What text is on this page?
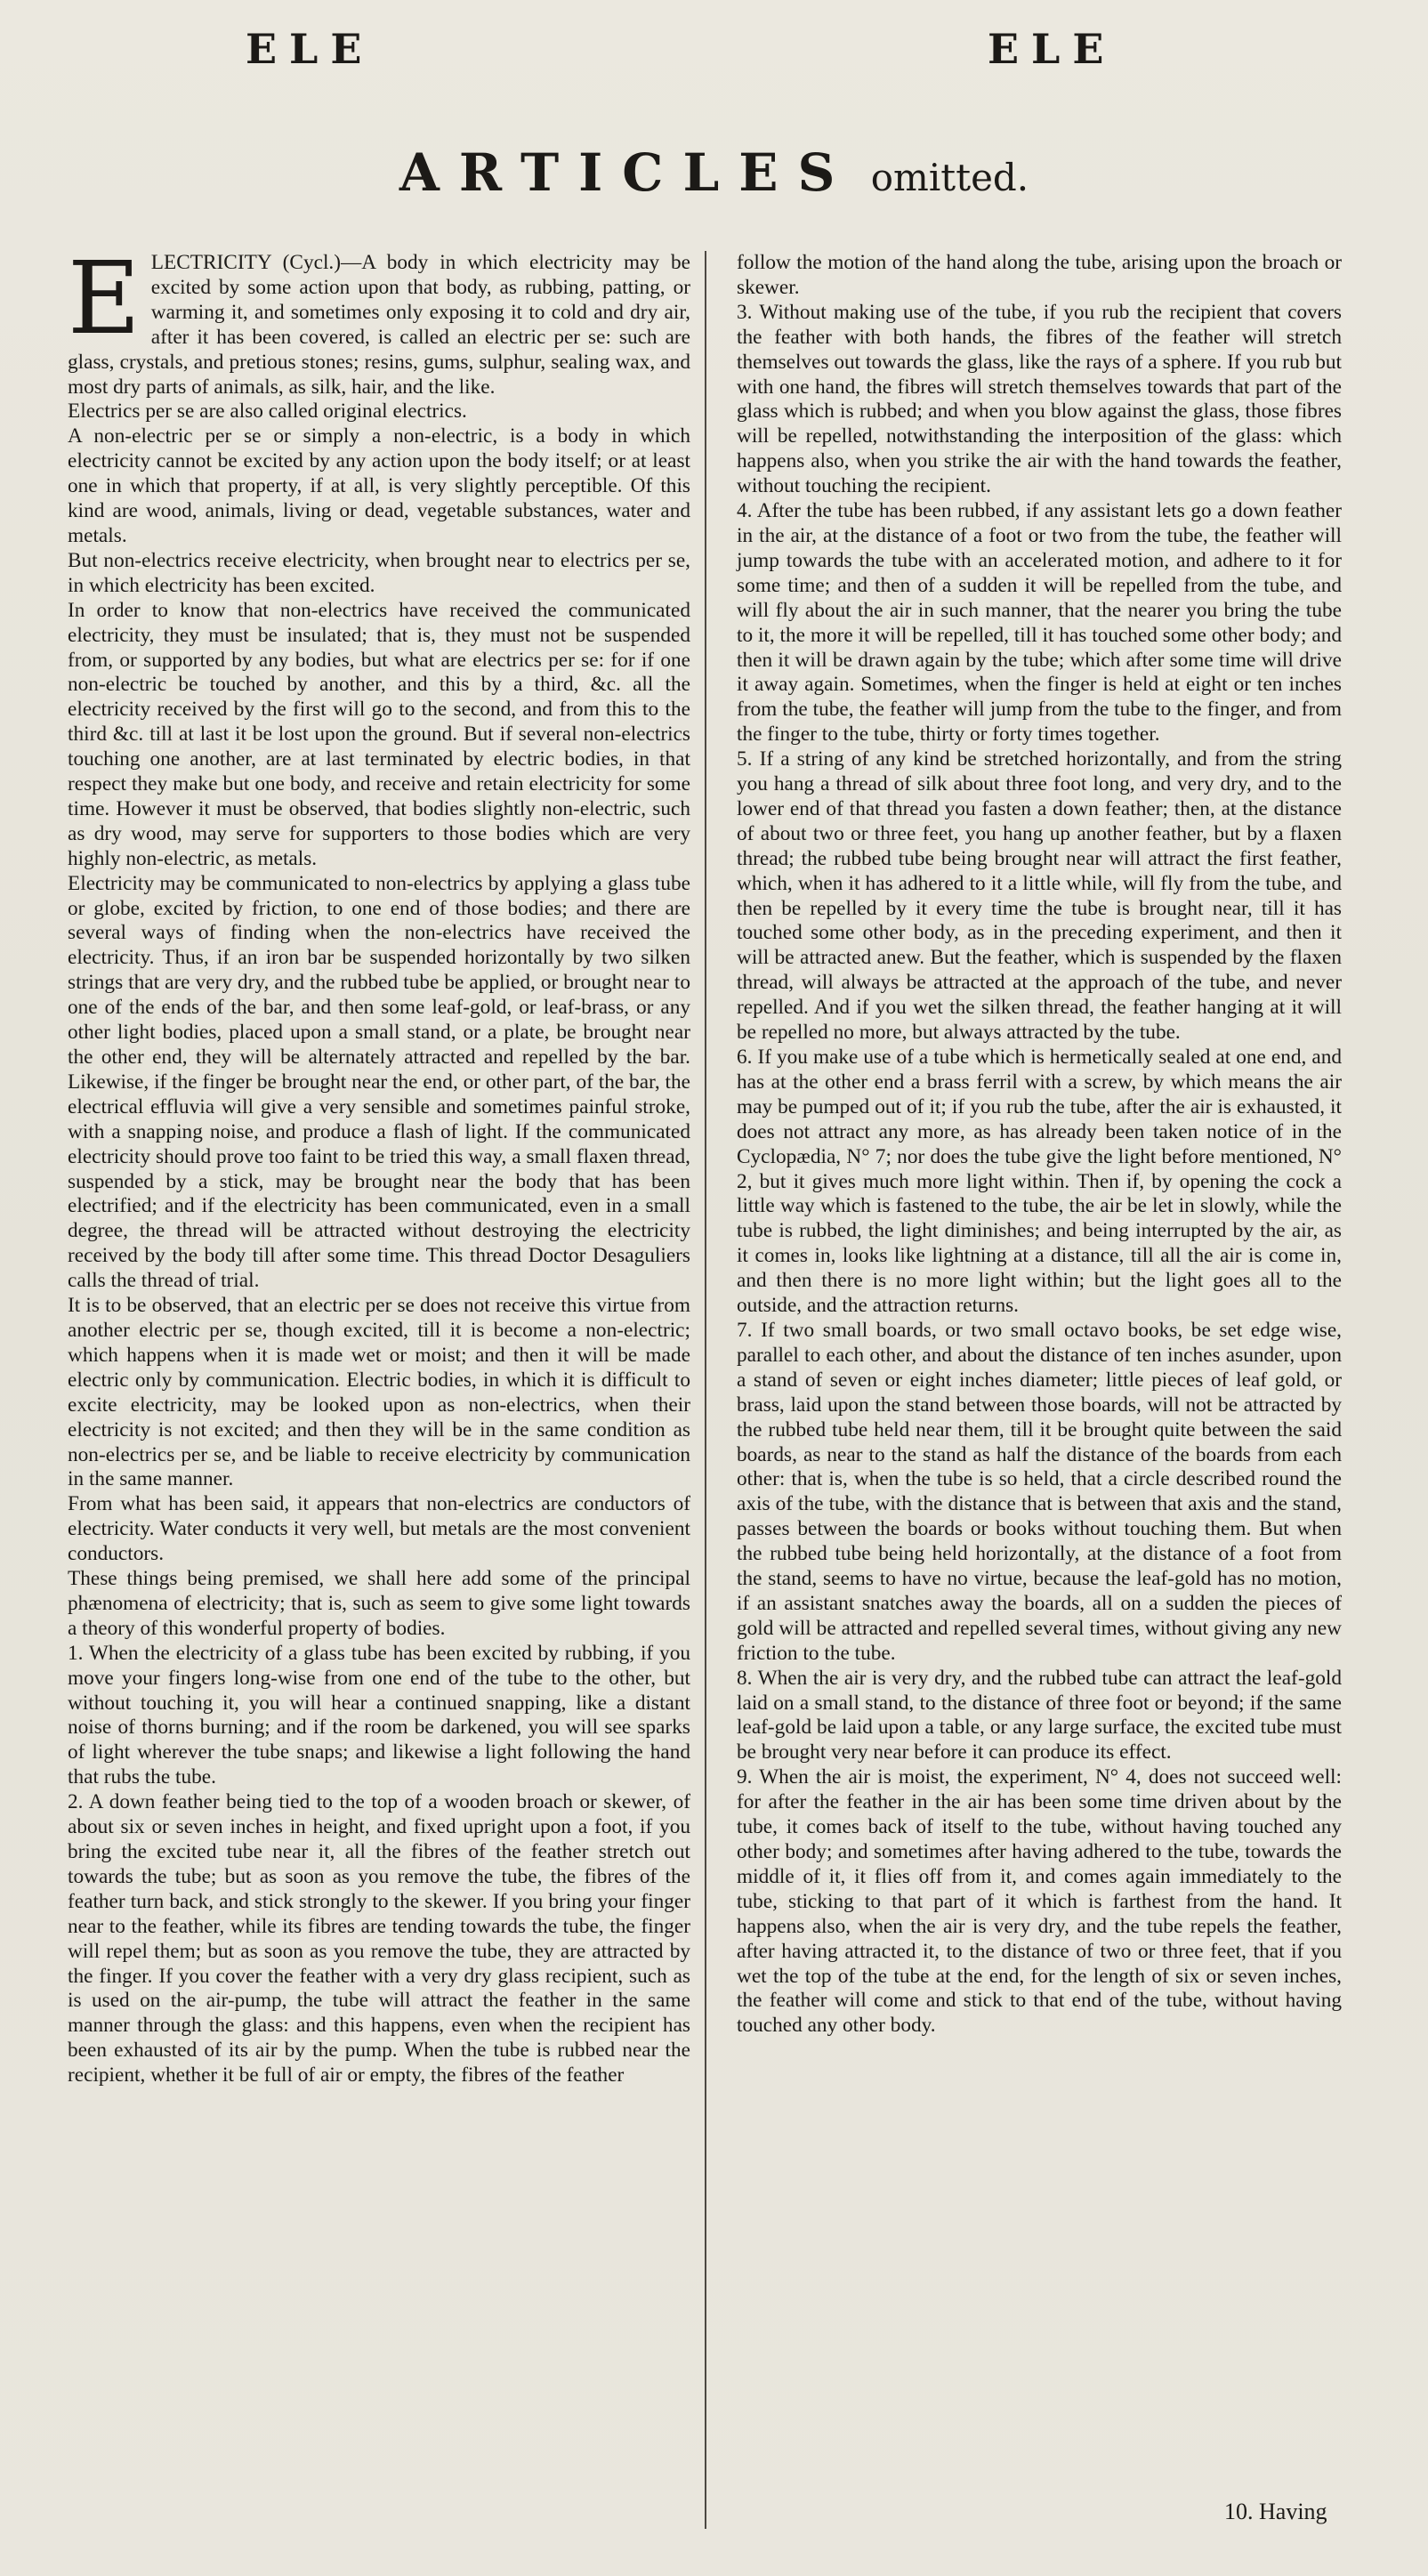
ELE	ELE
ARTICLES omitted.
E LECTRICITY (Cycl.)—A body in which electricity may be excited by some action upon that body, as rubbing, patting, or warming it, and sometimes only exposing it to cold and dry air, after it has been covered, is called an electric per se: such are glass, crystals, and pretious stones; resins, gums, sulphur, sealing wax, and most dry parts of animals, as silk, hair, and the like.

Electrics per se are also called original electrics.

A non-electric per se or simply a non-electric, is a body in which electricity cannot be excited by any action upon the body itself; or at least one in which that property, if at all, is very slightly perceptible. Of this kind are wood, animals, living or dead, vegetable substances, water and metals.

But non-electrics receive electricity, when brought near to electrics per se, in which electricity has been excited.

In order to know that non-electrics have received the communicated electricity, they must be insulated; that is, they must not be suspended from, or supported by any bodies, but what are electrics per se: for if one non-electric be touched by another, and this by a third, &c. all the electricity received by the first will go to the second, and from this to the third &c. till at last it be lost upon the ground. But if several non-electrics touching one another, are at last terminated by electric bodies, in that respect they make but one body, and receive and retain electricity for some time. However it must be observed, that bodies slightly non-electric, such as dry wood, may serve for supporters to those bodies which are very highly non-electric, as metals.

Electricity may be communicated to non-electrics by applying a glass tube or globe, excited by friction, to one end of those bodies; and there are several ways of finding when the non-electrics have received the electricity. Thus, if an iron bar be suspended horizontally by two silken strings that are very dry, and the rubbed tube be applied, or brought near to one of the ends of the bar, and then some leaf-gold, or leaf-brass, or any other light bodies, placed upon a small stand, or a plate, be brought near the other end, they will be alternately attracted and repelled by the bar. Likewise, if the finger be brought near the end, or other part, of the bar, the electrical effluvia will give a very sensible and sometimes painful stroke, with a snapping noise, and produce a flash of light. If the communicated electricity should prove too faint to be tried this way, a small flaxen thread, suspended by a stick, may be brought near the body that has been electrified; and if the electricity has been communicated, even in a small degree, the thread will be attracted without destroying the electricity received by the body till after some time. This thread Doctor Desaguliers calls the thread of trial.

It is to be observed, that an electric per se does not receive this virtue from another electric per se, though excited, till it is become a non-electric; which happens when it is made wet or moist; and then it will be made electric only by communication. Electric bodies, in which it is difficult to excite electricity, may be looked upon as non-electrics, when their electricity is not excited; and then they will be in the same condition as non-electrics per se, and be liable to receive electricity by communication in the same manner.

From what has been said, it appears that non-electrics are conductors of electricity. Water conducts it very well, but metals are the most convenient conductors.

These things being premised, we shall here add some of the principal phænomena of electricity; that is, such as seem to give some light towards a theory of this wonderful property of bodies.

1. When the electricity of a glass tube has been excited by rubbing, if you move your fingers long-wise from one end of the tube to the other, but without touching it, you will hear a continued snapping, like a distant noise of thorns burning; and if the room be darkened, you will see sparks of light wherever the tube snaps; and likewise a light following the hand that rubs the tube.

2. A down feather being tied to the top of a wooden broach or skewer, of about six or seven inches in height, and fixed upright upon a foot, if you bring the excited tube near it, all the fibres of the feather stretch out towards the tube; but as soon as you remove the tube, the fibres of the feather turn back, and stick strongly to the skewer. If you bring your finger near to the feather, while its fibres are tending towards the tube, the finger will repel them; but as soon as you remove the tube, they are attracted by the finger. If you cover the feather with a very dry glass recipient, such as is used on the air-pump, the tube will attract the feather in the same manner through the glass: and this happens, even when the recipient has been exhausted of its air by the pump. When the tube is rubbed near the recipient, whether it be full of air or empty, the fibres of the feather

follow the motion of the hand along the tube, arising upon the broach or skewer.

3. Without making use of the tube, if you rub the recipient that covers the feather with both hands, the fibres of the feather will stretch themselves out towards the glass, like the rays of a sphere. If you rub but with one hand, the fibres will stretch themselves towards that part of the glass which is rubbed; and when you blow against the glass, those fibres will be repelled, notwithstanding the interposition of the glass: which happens also, when you strike the air with the hand towards the feather, without touching the recipient.

4. After the tube has been rubbed, if any assistant lets go a down feather in the air, at the distance of a foot or two from the tube, the feather will jump towards the tube with an accelerated motion, and adhere to it for some time; and then of a sudden it will be repelled from the tube, and will fly about the air in such manner, that the nearer you bring the tube to it, the more it will be repelled, till it has touched some other body; and then it will be drawn again by the tube; which after some time will drive it away again. Sometimes, when the finger is held at eight or ten inches from the tube, the feather will jump from the tube to the finger, and from the finger to the tube, thirty or forty times together.

5. If a string of any kind be stretched horizontally, and from the string you hang a thread of silk about three foot long, and very dry, and to the lower end of that thread you fasten a down feather; then, at the distance of about two or three feet, you hang up another feather, but by a flaxen thread; the rubbed tube being brought near will attract the first feather, which, when it has adhered to it a little while, will fly from the tube, and then be repelled by it every time the tube is brought near, till it has touched some other body, as in the preceding experiment, and then it will be attracted anew. But the feather, which is suspended by the flaxen thread, will always be attracted at the approach of the tube, and never repelled. And if you wet the silken thread, the feather hanging at it will be repelled no more, but always attracted by the tube.

6. If you make use of a tube which is hermetically sealed at one end, and has at the other end a brass ferril with a screw, by which means the air may be pumped out of it; if you rub the tube, after the air is exhausted, it does not attract any more, as has already been taken notice of in the Cyclopædia, N° 7; nor does the tube give the light before mentioned, N° 2, but it gives much more light within. Then if, by opening the cock a little way which is fastened to the tube, the air be let in slowly, while the tube is rubbed, the light diminishes; and being interrupted by the air, as it comes in, looks like lightning at a distance, till all the air is come in, and then there is no more light within; but the light goes all to the outside, and the attraction returns.

7. If two small boards, or two small octavo books, be set edge wise, parallel to each other, and about the distance of ten inches asunder, upon a stand of seven or eight inches diameter; little pieces of leaf gold, or brass, laid upon the stand between those boards, will not be attracted by the rubbed tube held near them, till it be brought quite between the said boards, as near to the stand as half the distance of the boards from each other: that is, when the tube is so held, that a circle described round the axis of the tube, with the distance that is between that axis and the stand, passes between the boards or books without touching them. But when the rubbed tube being held horizontally, at the distance of a foot from the stand, seems to have no virtue, because the leaf-gold has no motion, if an assistant snatches away the boards, all on a sudden the pieces of gold will be attracted and repelled several times, without giving any new friction to the tube.

8. When the air is very dry, and the rubbed tube can attract the leaf-gold laid on a small stand, to the distance of three foot or beyond; if the same leaf-gold be laid upon a table, or any large surface, the excited tube must be brought very near before it can produce its effect.

9. When the air is moist, the experiment, N° 4, does not succeed well: for after the feather in the air has been some time driven about by the tube, it comes back of itself to the tube, without having touched any other body; and sometimes after having adhered to the tube, towards the middle of it, it flies off from it, and comes again immediately to the tube, sticking to that part of it which is farthest from the hand. It happens also, when the air is very dry, and the tube repels the feather, after having attracted it, to the distance of two or three feet, that if you wet the top of the tube at the end, for the length of six or seven inches, the feather will come and stick to that end of the tube, without having touched any other body.

10. Having
